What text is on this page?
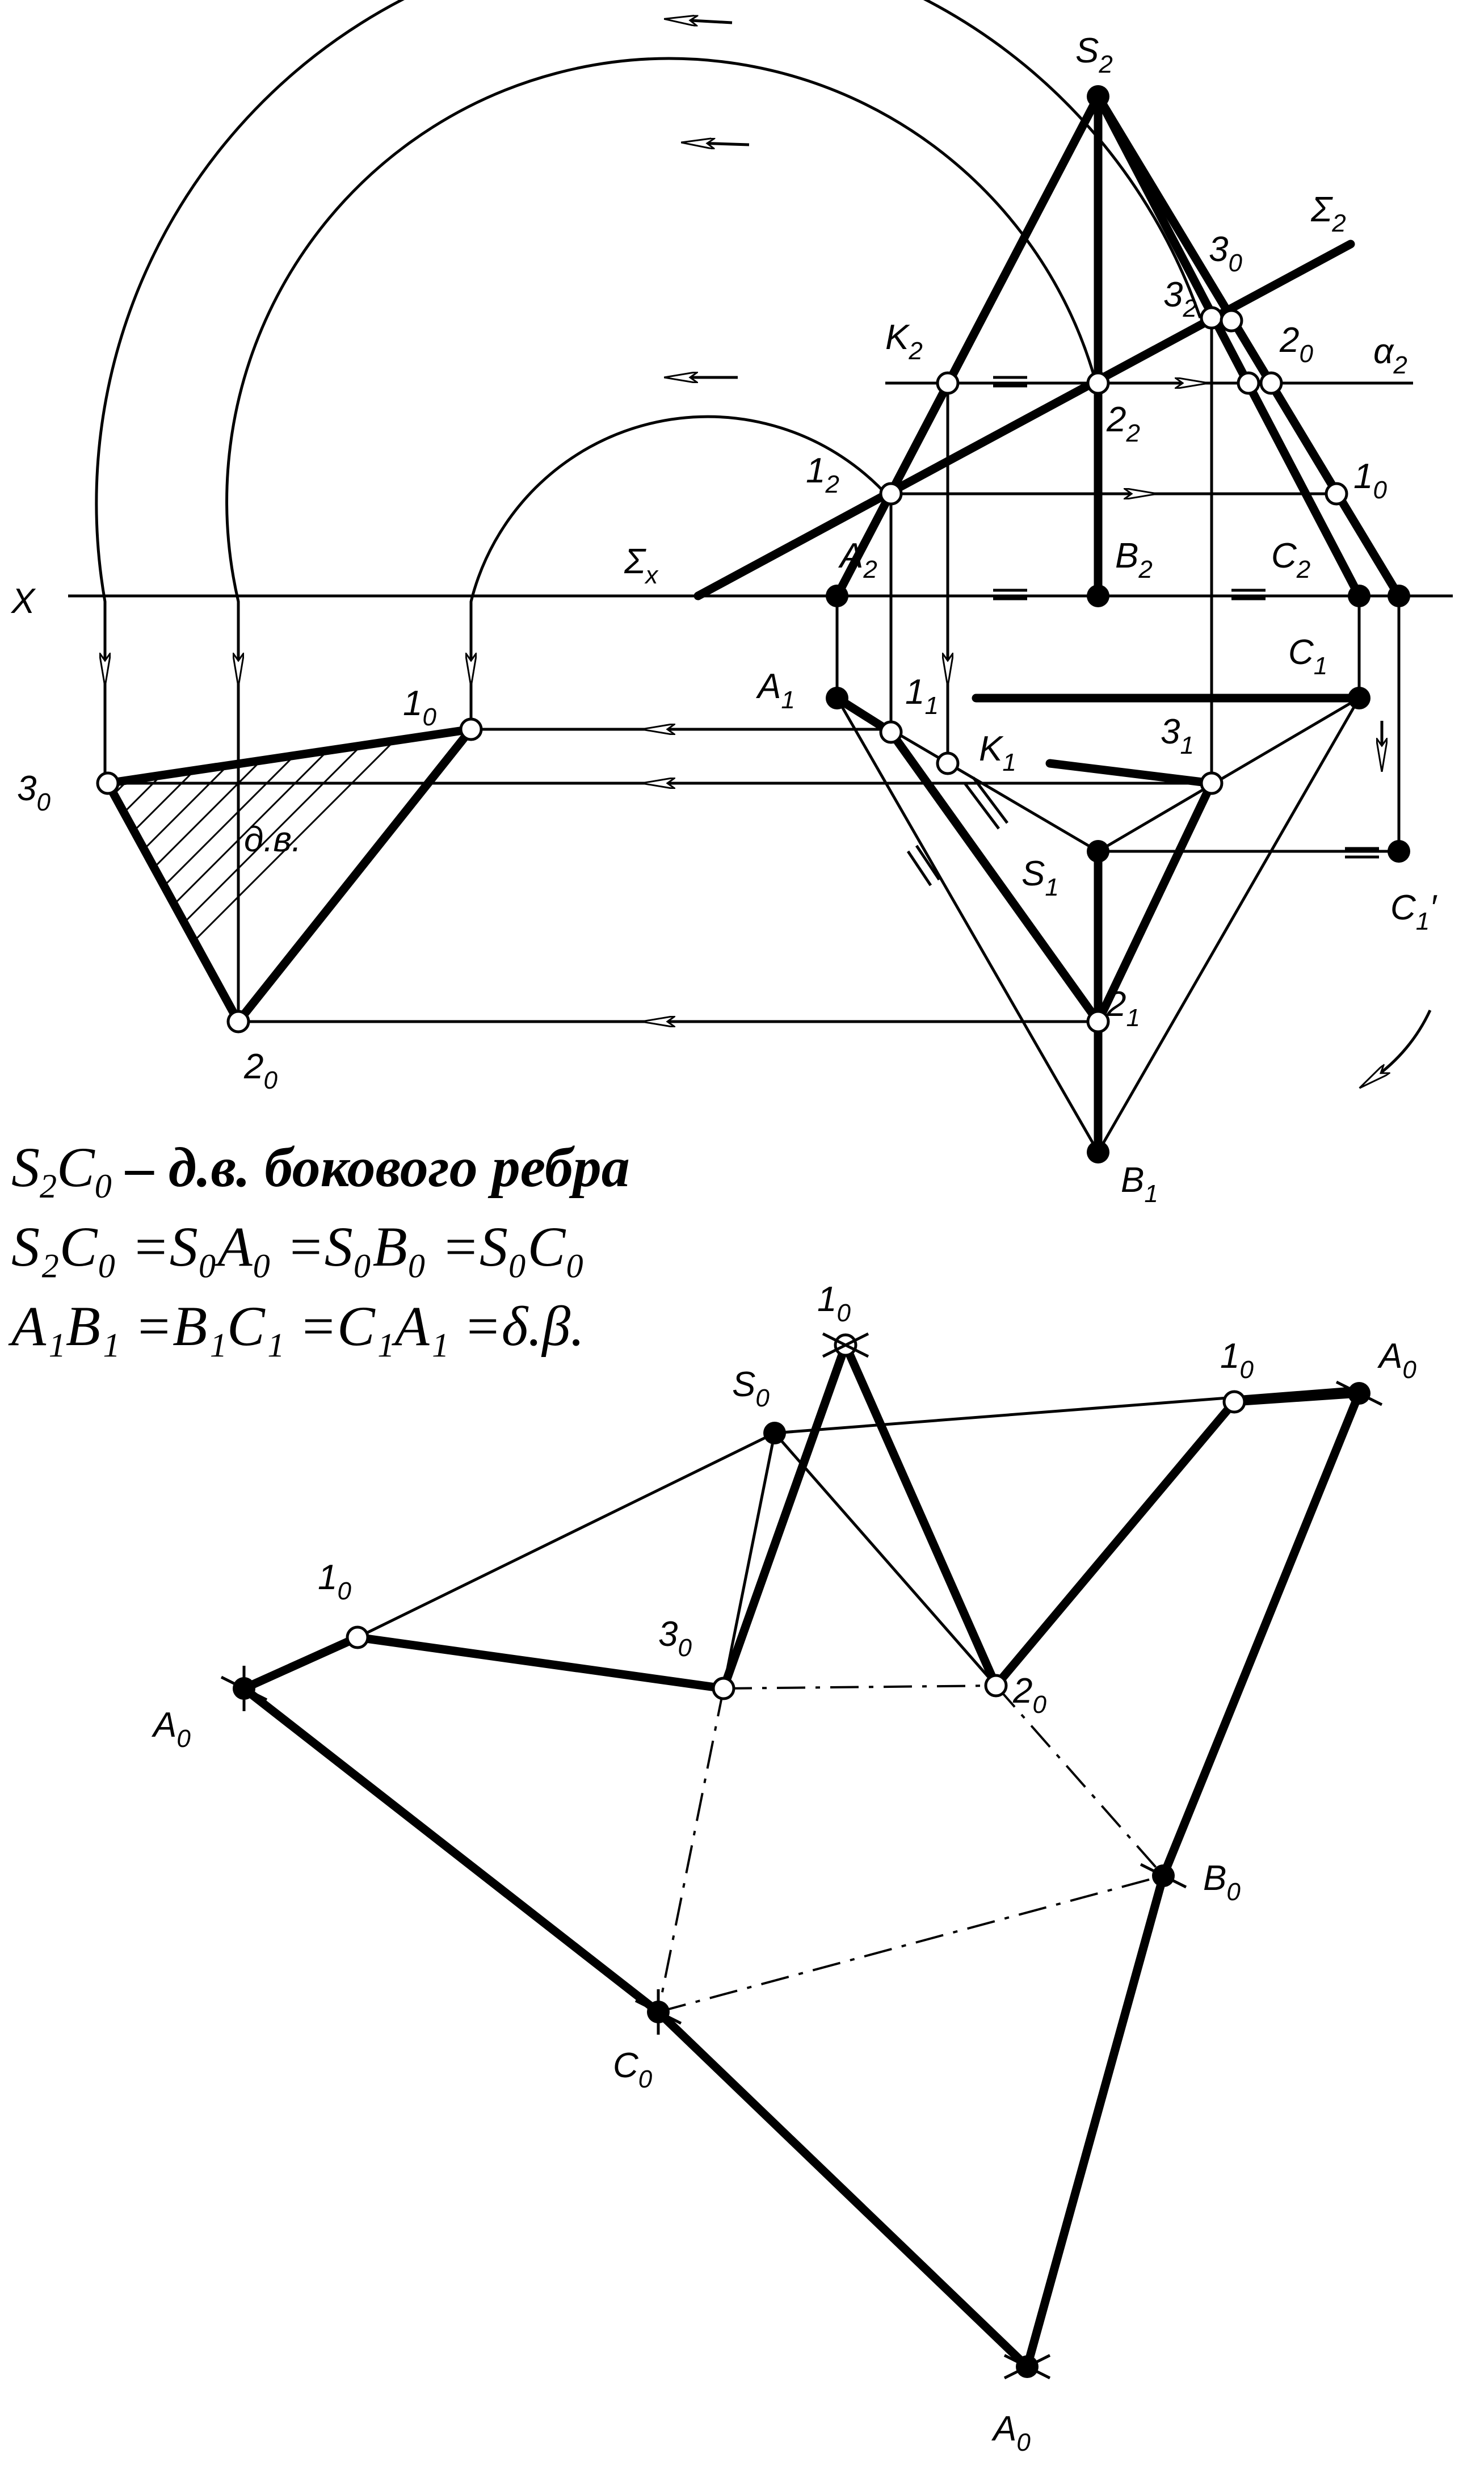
X
$S_2$
$\Sigma_2$
$3_0$
$3_2$
$K_2$	$2_0$ $\alpha_2$
$2_2$
$1_2$	$1_0$
$A_2$	$B_2$	$C_2$
$\Sigma_x$
$A_1$	$1_1$
$K_1$
$3_1$
$C_1$
$S_1$
$C_1'$
$2_1$
$B_1$
$1_0$
$3_0$
$2_0$
д.в.
$1_0$
$S_0$
$1_0$	$A_0$
$1_0$
$3_0$
$2_0$
$A_0$
$B_0$
$C_0$
$A_0$
$S_2C_0 - д.в$. бокового ребра
S₂C₀ =S₀A₀ =S₀B₀ =S₀C₀
A₁B₁ =B₁C₁ =C₁A₁ =δ.β.
